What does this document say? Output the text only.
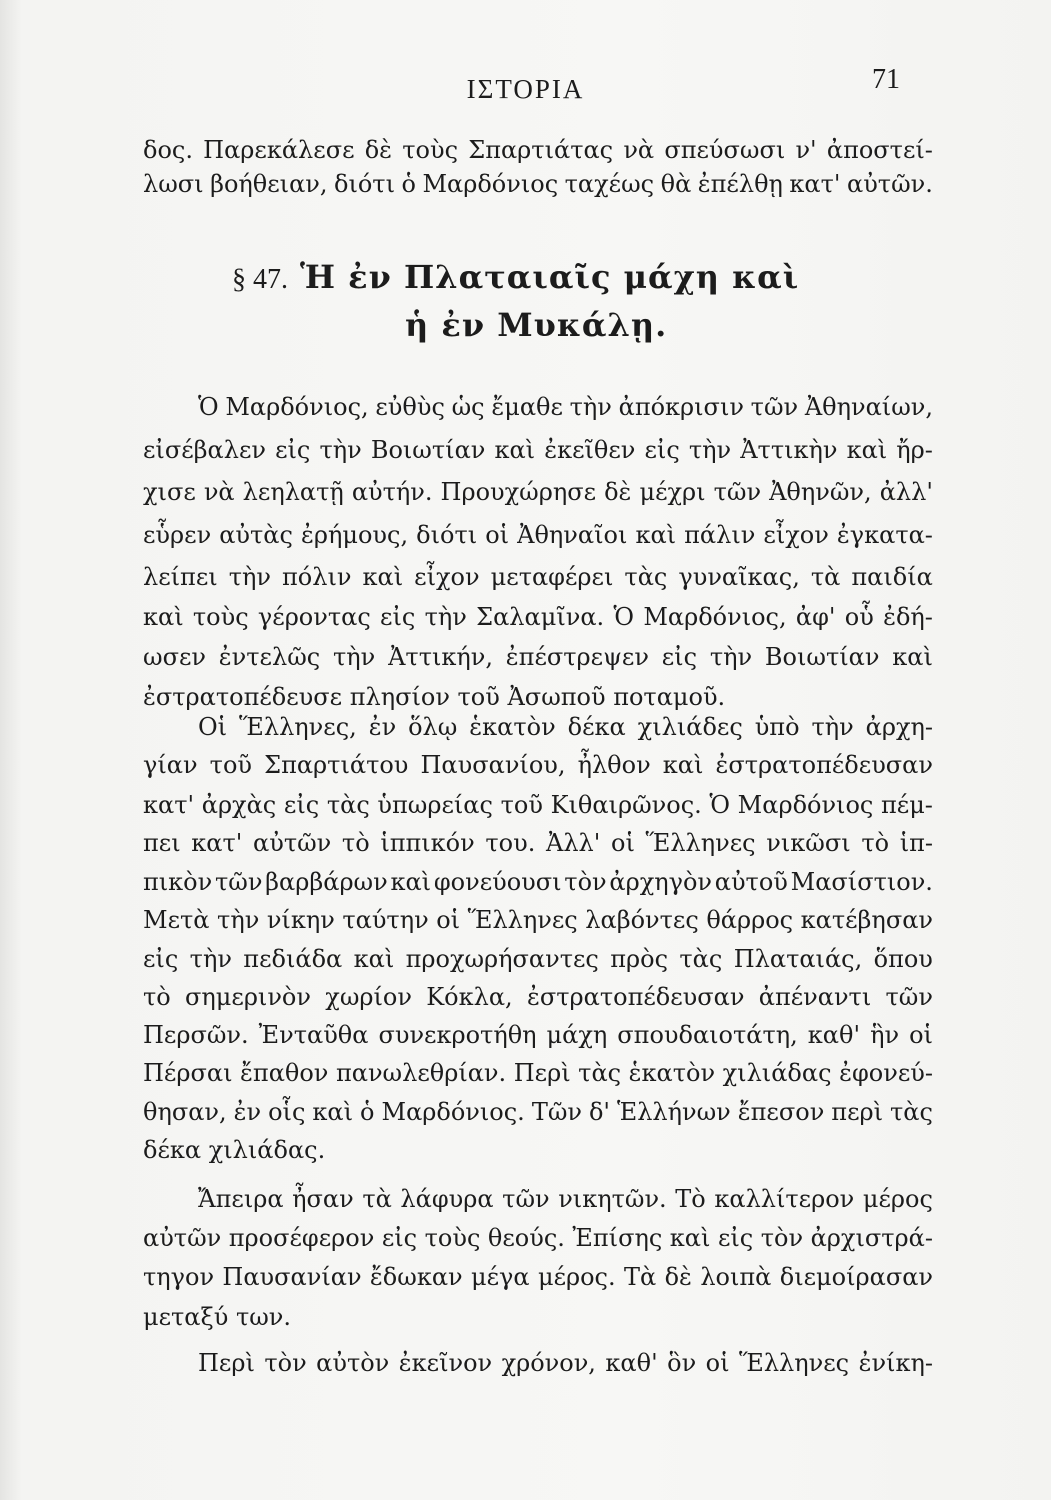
ΙΣΤΟΡΙΑ	71
§ 47. Ἡ ἐν Πλαταιαῖς μάχη καὶ
ἡ ἐν Μυκάλῃ.
δος. Παρεκάλεσε δὲ τοὺς Σπαρτιάτας νὰ σπεύσωσι ν' ἀποστεί-
λωσι βοήθειαν, διότι ὁ Μαρδόνιος ταχέως θὰ ἐπέλθῃ κατ' αὐτῶν.
Ὁ Μαρδόνιος, εὐθὺς ὡς ἔμαθε τὴν ἀπόκρισιν τῶν Ἀθηναίων,
εἰσέβαλεν εἰς τὴν Βοιωτίαν καὶ ἐκεῖθεν εἰς τὴν Ἀττικὴν καὶ ἤρ-
χισε νὰ λεηλατῇ αὐτήν. Προυχώρησε δὲ μέχρι τῶν Ἀθηνῶν, ἀλλ'
εὗρεν αὐτὰς ἐρήμους, διότι οἱ Ἀθηναῖοι καὶ πάλιν εἶχον ἐγκατα-
λείπει τὴν πόλιν καὶ εἶχον μεταφέρει τὰς γυναῖκας, τὰ παιδία
καὶ τοὺς γέροντας εἰς τὴν Σαλαμῖνα. Ὁ Μαρδόνιος, ἀφ' οὗ ἐδή-
ωσεν ἐντελῶς τὴν Ἀττικήν, ἐπέστρεψεν εἰς τὴν Βοιωτίαν καὶ
ἐστρατοπέδευσε πλησίον τοῦ Ἀσωποῦ ποταμοῦ.
Οἱ Ἕλληνες, ἐν ὅλῳ ἑκατὸν δέκα χιλιάδες ὑπὸ τὴν ἀρχη-
γίαν τοῦ Σπαρτιάτου Παυσανίου, ἦλθον καὶ ἐστρατοπέδευσαν
κατ' ἀρχὰς εἰς τὰς ὑπωρείας τοῦ Κιθαιρῶνος. Ὁ Μαρδόνιος πέμ-
πει κατ' αὐτῶν τὸ ἱππικόν του. Ἀλλ' οἱ Ἕλληνες νικῶσι τὸ ἱπ-
πικὸν τῶν βαρβάρων καὶ φονεύουσι τὸν ἀρχηγὸν αὐτοῦ Μασίστιον.
Μετὰ τὴν νίκην ταύτην οἱ Ἕλληνες λαβόντες θάρρος κατέβησαν
εἰς τὴν πεδιάδα καὶ προχωρήσαντες πρὸς τὰς Πλαταιάς, ὅπου
τὸ σημερινὸν χωρίον Κόκλα, ἐστρατοπέδευσαν ἀπέναντι τῶν
Περσῶν. Ἐνταῦθα συνεκροτήθη μάχη σπουδαιοτάτη, καθ' ἣν οἱ
Πέρσαι ἔπαθον πανωλεθρίαν. Περὶ τὰς ἑκατὸν χιλιάδας ἐφονεύ-
θησαν, ἐν οἷς καὶ ὁ Μαρδόνιος. Τῶν δ' Ἑλλήνων ἔπεσον περὶ τὰς
δέκα χιλιάδας.
Ἄπειρα ἦσαν τὰ λάφυρα τῶν νικητῶν. Τὸ καλλίτερον μέρος
αὐτῶν προσέφερον εἰς τοὺς θεούς. Ἐπίσης καὶ εἰς τὸν ἀρχιστρά-
τηγον Παυσανίαν ἔδωκαν μέγα μέρος. Τὰ δὲ λοιπὰ διεμοίρασαν
μεταξύ των.
Περὶ τὸν αὐτὸν ἐκεῖνον χρόνον, καθ' ὃν οἱ Ἕλληνες ἐνίκη-
